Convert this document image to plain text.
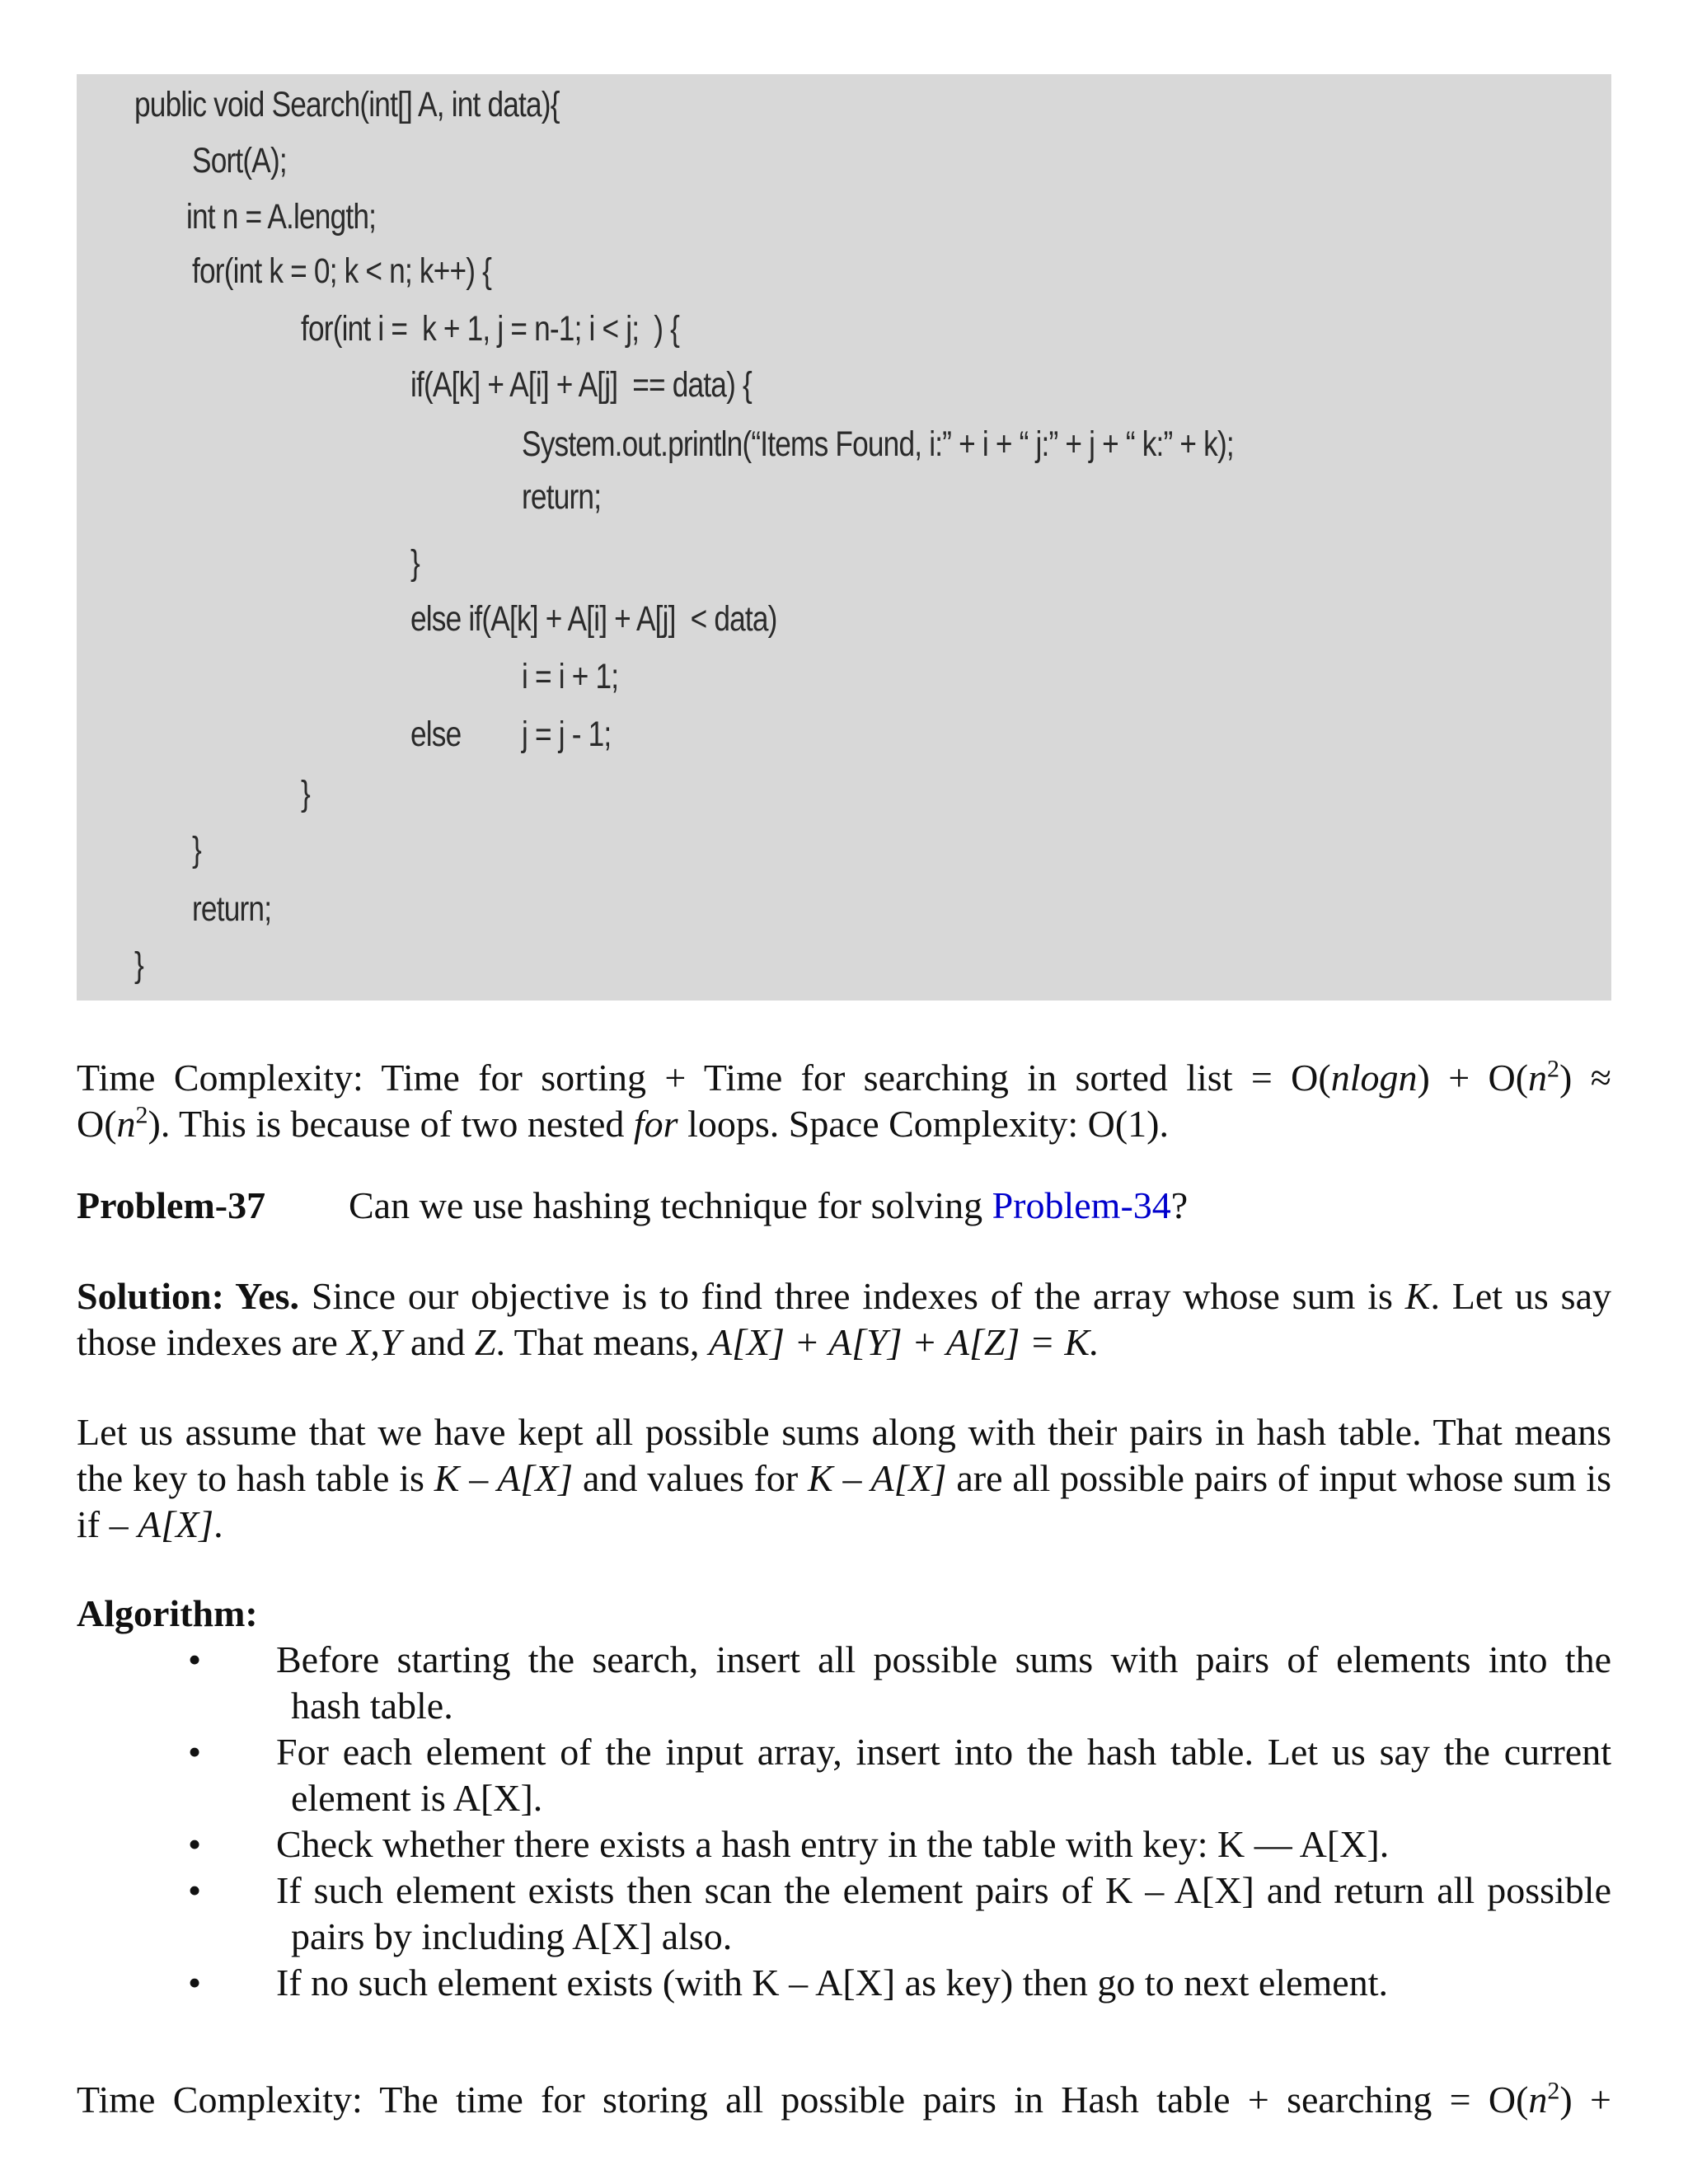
public void Search(int[] A, int data){
Sort(A);
int n = A.length;
for(int k = 0; k < n; k++) {
for(int i =  k + 1, j = n-1; i < j;  ) {
if(A[k] + A[i] + A[j]  == data) {
System.out.println(“Items Found, i:” + i + “ j:” + j + “ k:” + k);
return;
}
else if(A[k] + A[i] + A[j]  < data)
i = i + 1;
else j = j - 1;
}
}
return;
}

Time Complexity: Time for sorting + Time for searching in sorted list = $O(nlogn) + O(n^2)$ ≈

$O(n^2)$. This is because of two nested for loops. Space Complexity: O(1).

Problem-37 Can we use hashing technique for solving Problem-34?

Solution: Yes. Since our objective is to find three indexes of the array whose sum is K. Let us say those indexes are X,Y and Z. That means, A[X] + A[Y] + A[Z] = K.

Let us assume that we have kept all possible sums along with their pairs in hash table. That means the key to hash table is K – A[X] and values for K – A[X] are all possible pairs of input whose sum is if – A[X].

Algorithm:
• Before starting the search, insert all possible sums with pairs of elements into the
hash table.
• For each element of the input array, insert into the hash table. Let us say the current
element is A[X].
• Check whether there exists a hash entry in the table with key: K — A[X].
• If such element exists then scan the element pairs of K – A[X] and return all possible
pairs by including A[X] also.
• If no such element exists (with K – A[X] as key) then go to next element.

Time Complexity: The time for storing all possible pairs in Hash table + searching = $O(n^2)$ +
